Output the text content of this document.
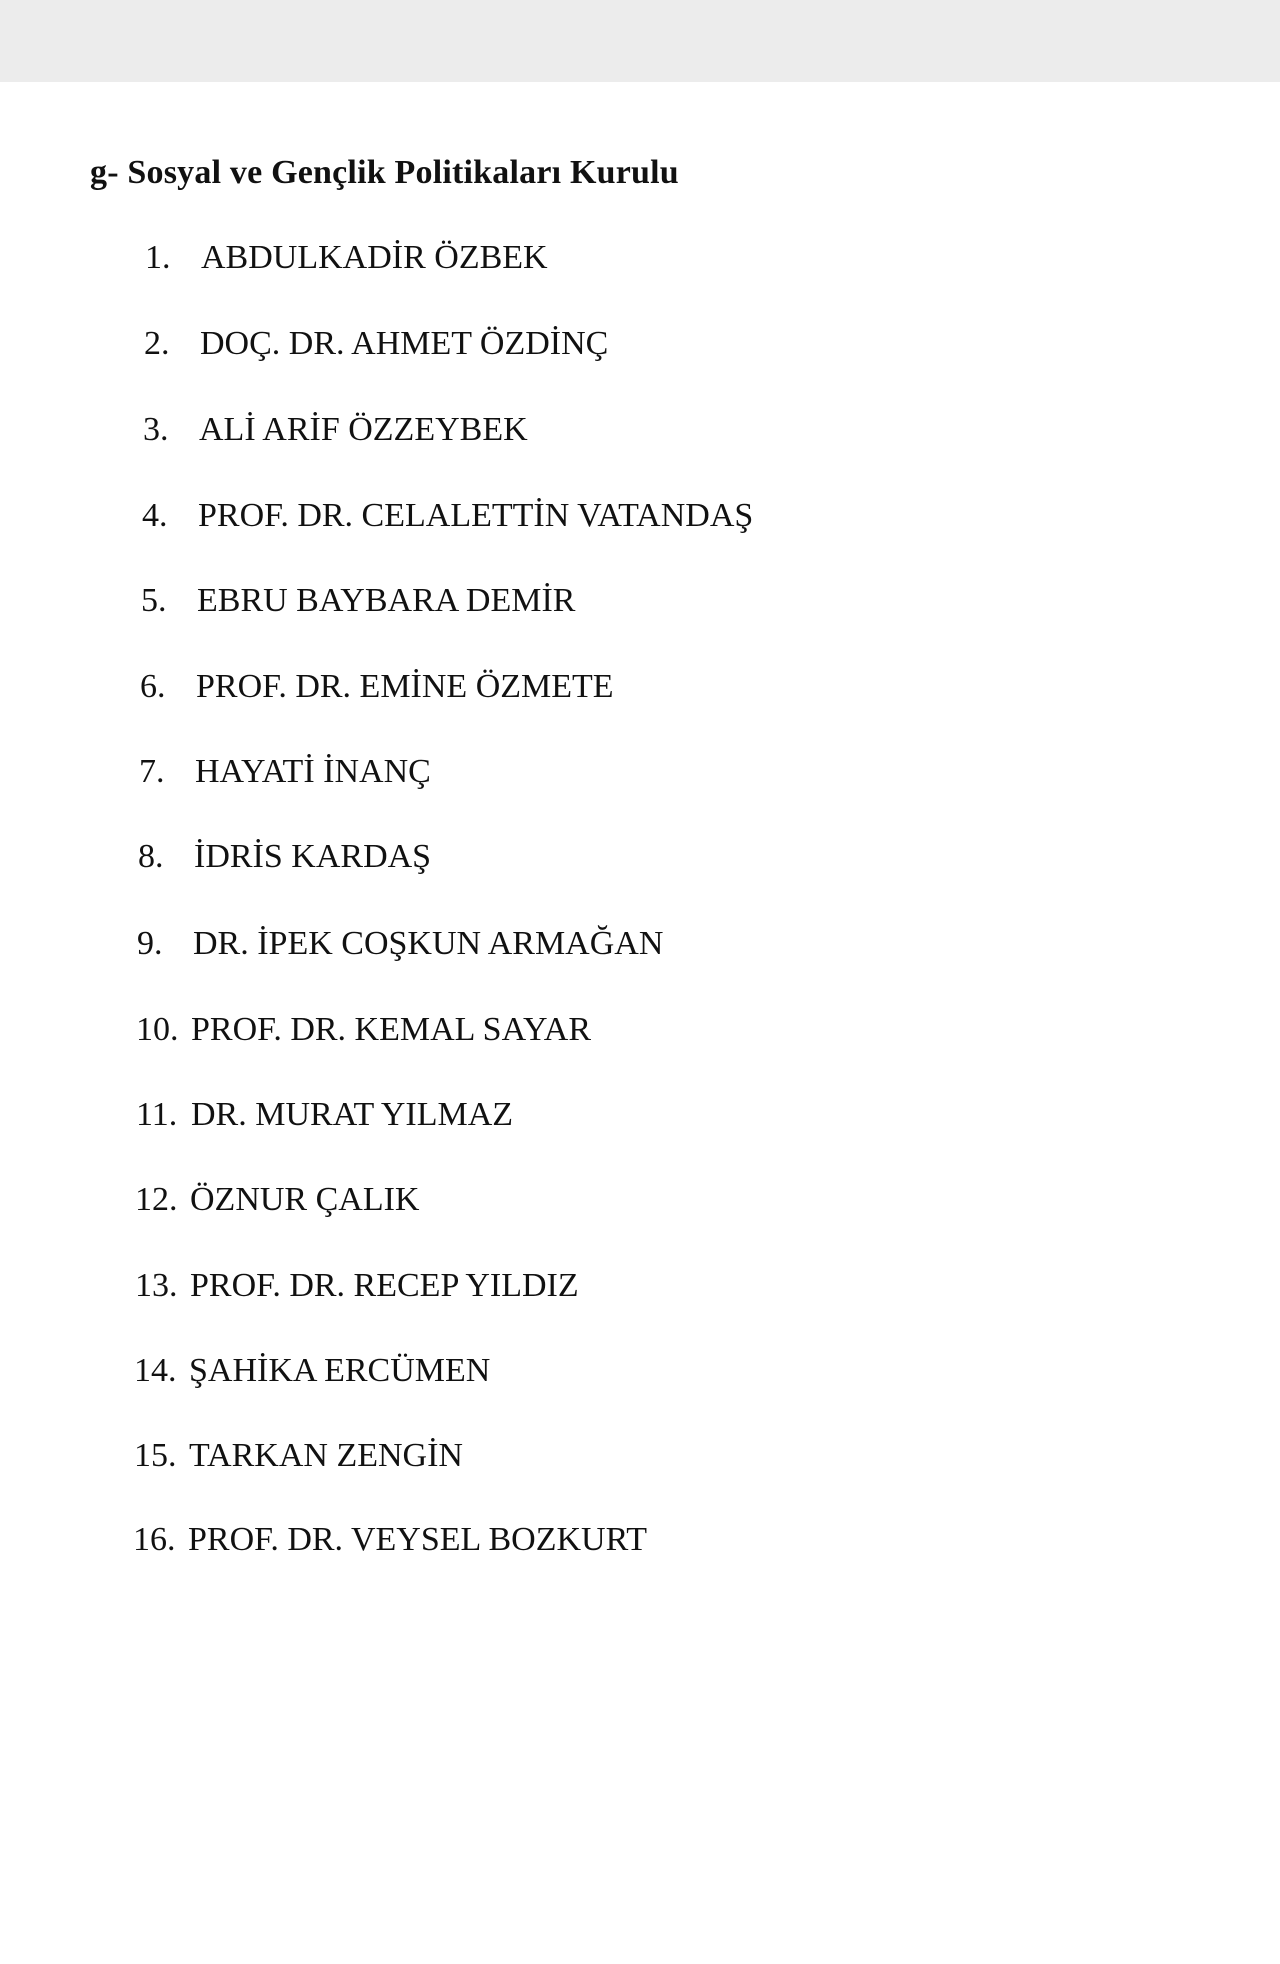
g- Sosyal ve Gençlik Politikaları Kurulu
1. ABDULKADİR ÖZBEK
2. DOÇ. DR. AHMET ÖZDİNÇ
3. ALİ ARİF ÖZZEYBEK
4. PROF. DR. CELALETTİN VATANDAŞ
5. EBRU BAYBARA DEMİR
6. PROF. DR. EMİNE ÖZMETE
7. HAYATİ İNANÇ
8. İDRİS KARDAŞ
9. DR. İPEK COŞKUN ARMAĞAN
10. PROF. DR. KEMAL SAYAR
11. DR. MURAT YILMAZ
12. ÖZNUR ÇALIK
13. PROF. DR. RECEP YILDIZ
14. ŞAHİKA ERCÜMEN
15. TARKAN ZENGİN
16. PROF. DR. VEYSEL BOZKURT
